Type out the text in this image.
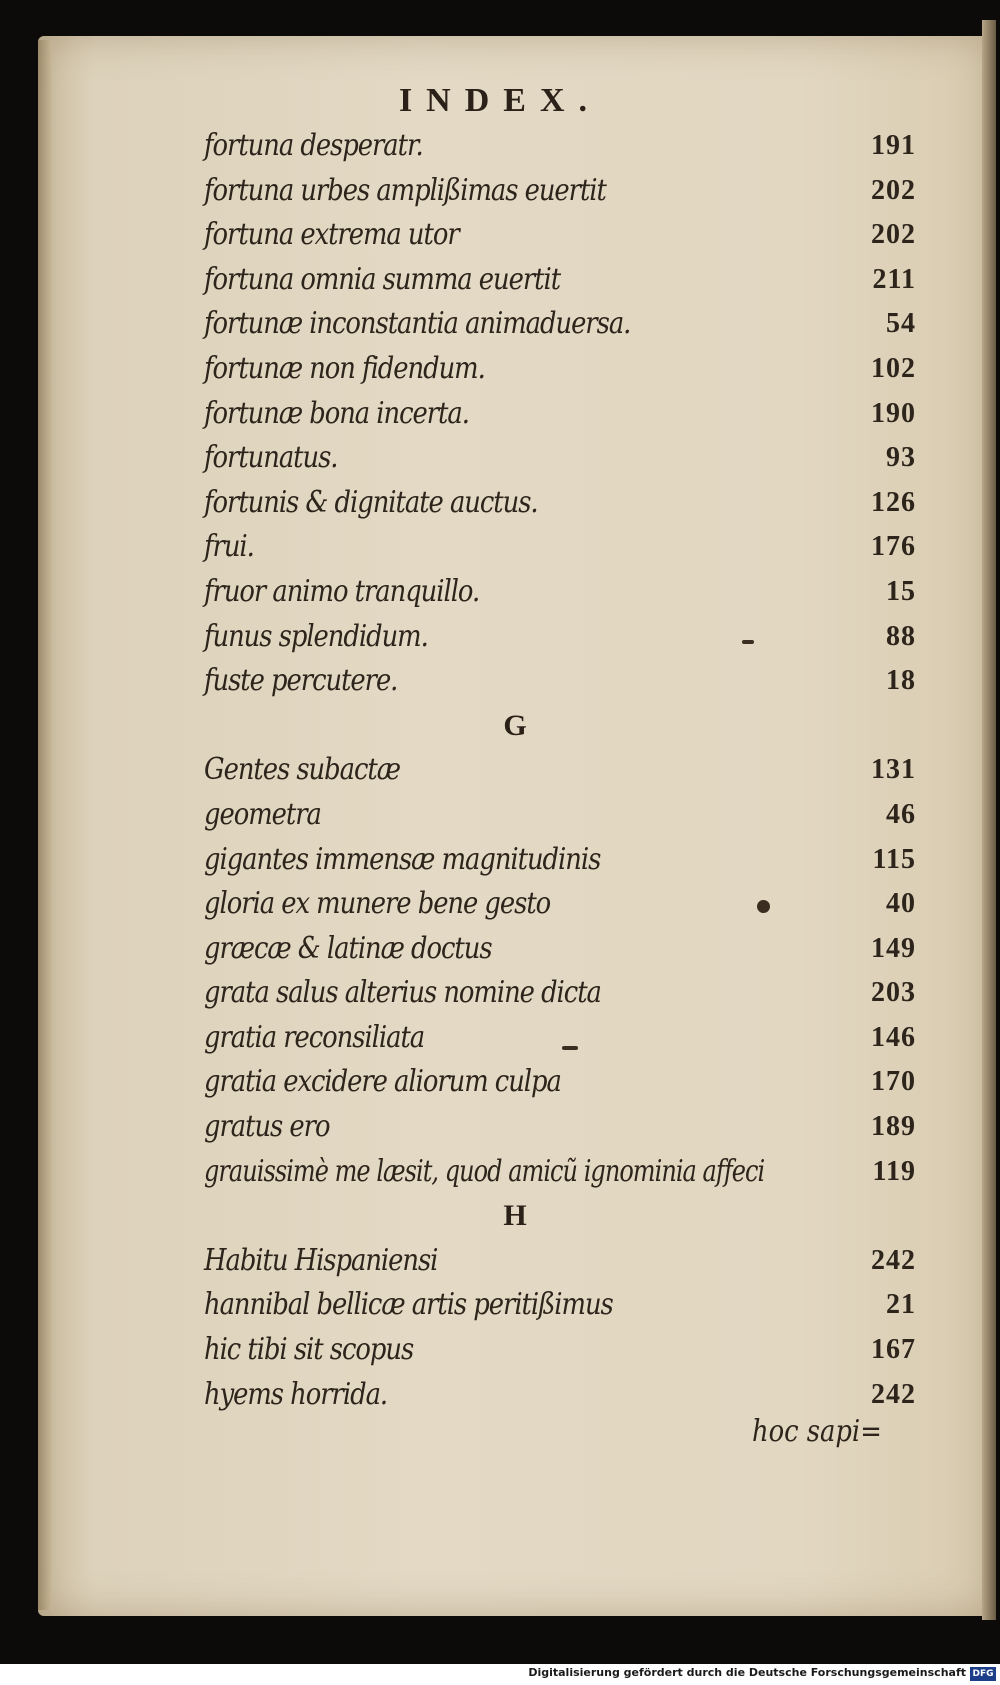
INDEX.
fortuna desperatr.	191
fortuna urbes amplißimas euertit	202
fortuna extrema utor	202
fortuna omnia summa euertit	211
fortunæ inconstantia animaduersa.	54
fortunæ non fidendum.	102
fortunæ bona incerta.	190
fortunatus.	93
fortunis & dignitate auctus.	126
frui.	176
fruor animo tranquillo.	15
funus splendidum.	88
fuste percutere.	18
G
Gentes subactæ	131
geometra	46
gigantes immensæ magnitudinis	115
gloria ex munere bene gesto	40
græcæ & latinæ doctus	149
grata salus alterius nomine dicta	203
gratia reconsiliata	146
gratia excidere aliorum culpa	170
gratus ero	189
grauissimè me læsit, quod amicũ ignominia affeci	119
H
Habitu Hispaniensi	242
hannibal bellicæ artis peritißimus	21
hic tibi sit scopus	167
hyems horrida.	242
hoc sapi=
Digitalisierung gefördert durch die Deutsche Forschungsgemeinschaft DFG
